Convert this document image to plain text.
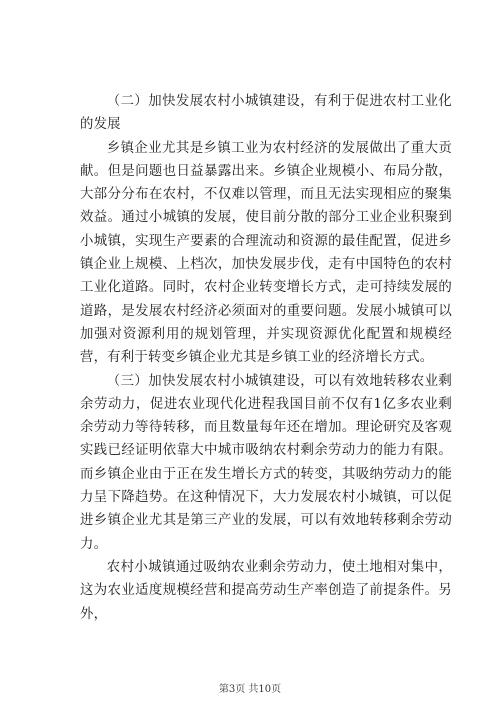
（二）加快发展农村小城镇建设，有利于促进农村工业化的发展

乡镇企业尤其是乡镇工业为农村经济的发展做出了重大贡献。但是问题也日益暴露出来。乡镇企业规模小、布局分散，大部分分布在农村，不仅难以管理，而且无法实现相应的聚集效益。通过小城镇的发展，使目前分散的部分工业企业积聚到小城镇，实现生产要素的合理流动和资源的最佳配置，促进乡镇企业上规模、上档次，加快发展步伐，走有中国特色的农村工业化道路。同时，农村企业转变增长方式，走可持续发展的道路，是发展农村经济必须面对的重要问题。发展小城镇可以加强对资源利用的规划管理，并实现资源优化配置和规模经营，有利于转变乡镇企业尤其是乡镇工业的经济增长方式。

（三）加快发展农村小城镇建设，可以有效地转移农业剩余劳动力，促进农业现代化进程我国目前不仅有1亿多农业剩余劳动力等待转移，而且数量每年还在增加。理论研究及客观实践已经证明依靠大中城市吸纳农村剩余劳动力的能力有限。而乡镇企业由于正在发生增长方式的转变，其吸纳劳动力的能力呈下降趋势。在这种情况下，大力发展农村小城镇，可以促进乡镇企业尤其是第三产业的发展，可以有效地转移剩余劳动力。

农村小城镇通过吸纳农业剩余劳动力，使土地相对集中，这为农业适度规模经营和提高劳动生产率创造了前提条件。另外，

第3页 共10页
